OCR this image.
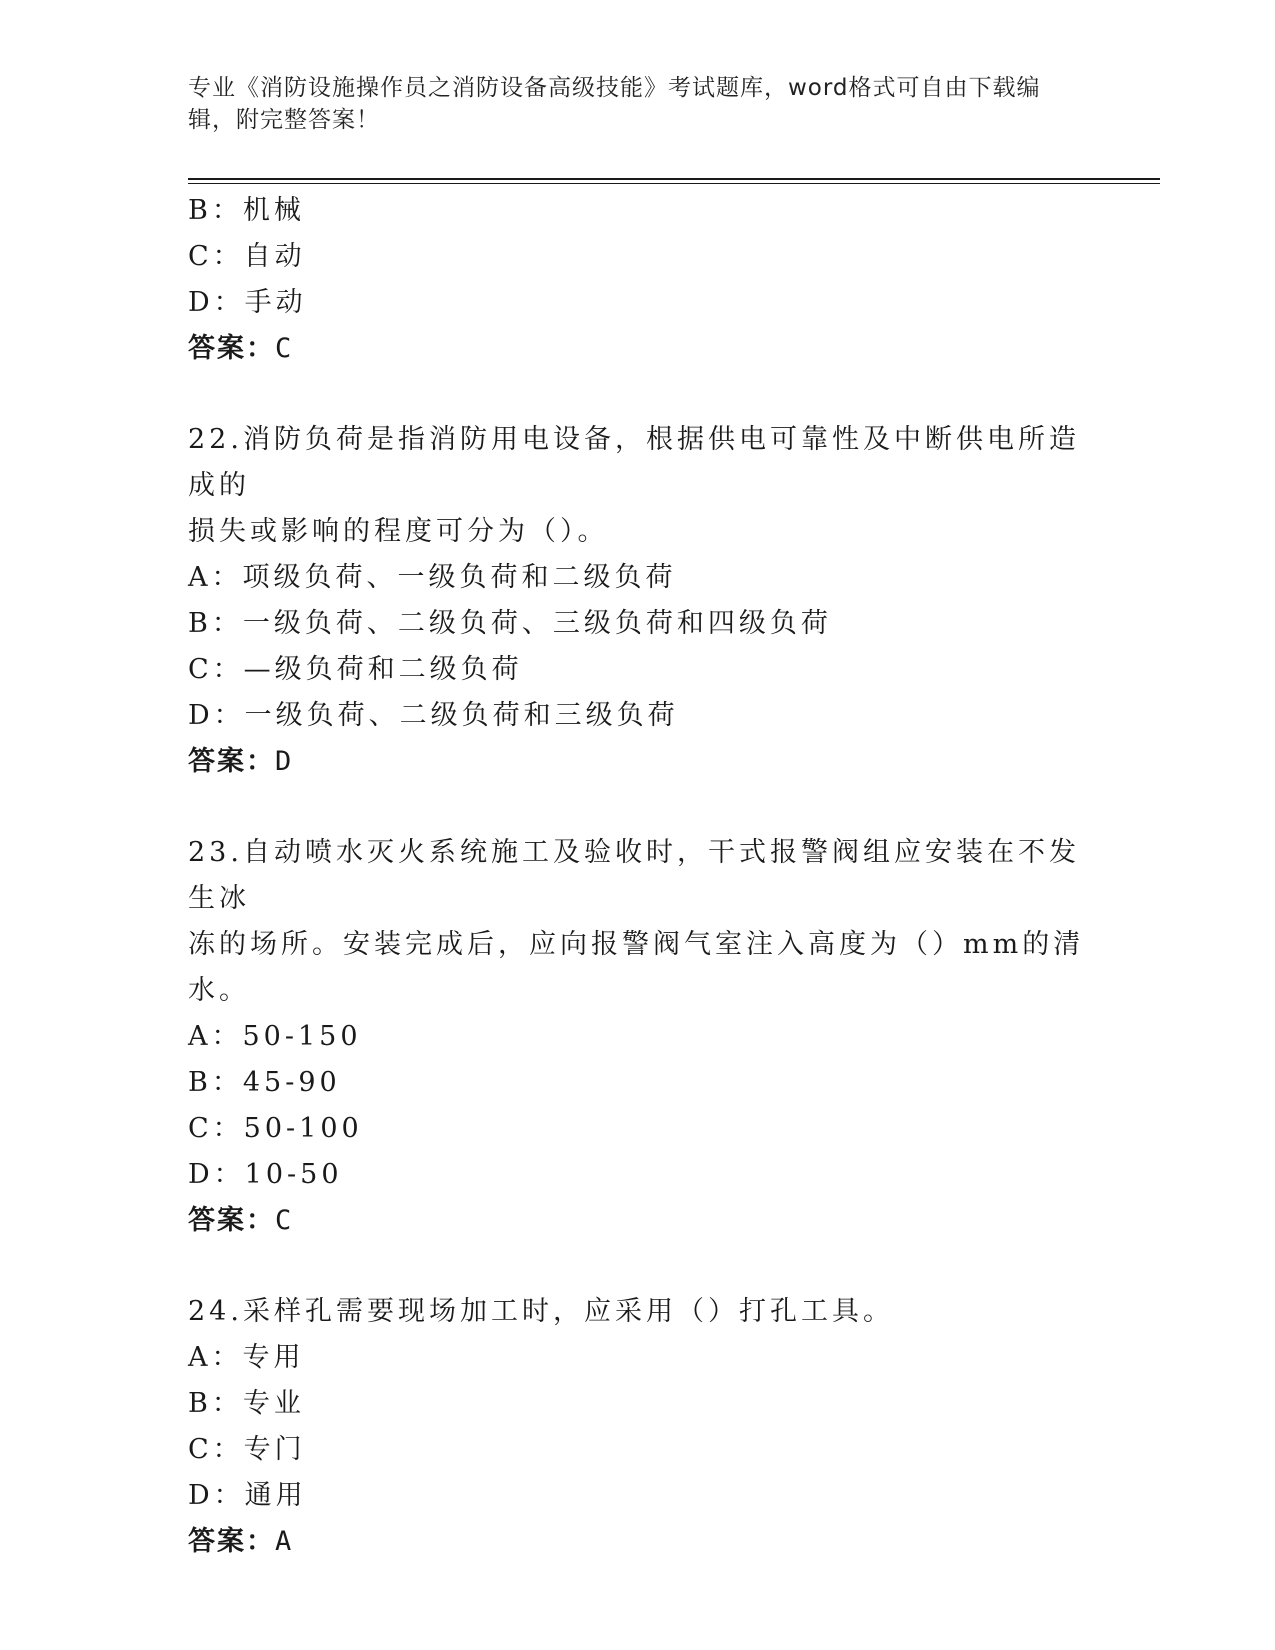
专业《消防设施操作员之消防设备高级技能》考试题库，word格式可自由下载编辑，附完整答案！
B：机械
C：自动
D：手动
答案：C
22.消防负荷是指消防用电设备，根据供电可靠性及中断供电所造成的
损失或影响的程度可分为（）。
A：项级负荷、一级负荷和二级负荷
B：一级负荷、二级负荷、三级负荷和四级负荷
C：—级负荷和二级负荷
D：一级负荷、二级负荷和三级负荷
答案：D
23.自动喷水灭火系统施工及验收时，干式报警阀组应安装在不发生冰
冻的场所。安装完成后，应向报警阀气室注入高度为（）mm的清水。
A：50-150
B：45-90
C：50-100
D：10-50
答案：C
24.采样孔需要现场加工时，应采用（）打孔工具。
A：专用
B：专业
C：专门
D：通用
答案：A
